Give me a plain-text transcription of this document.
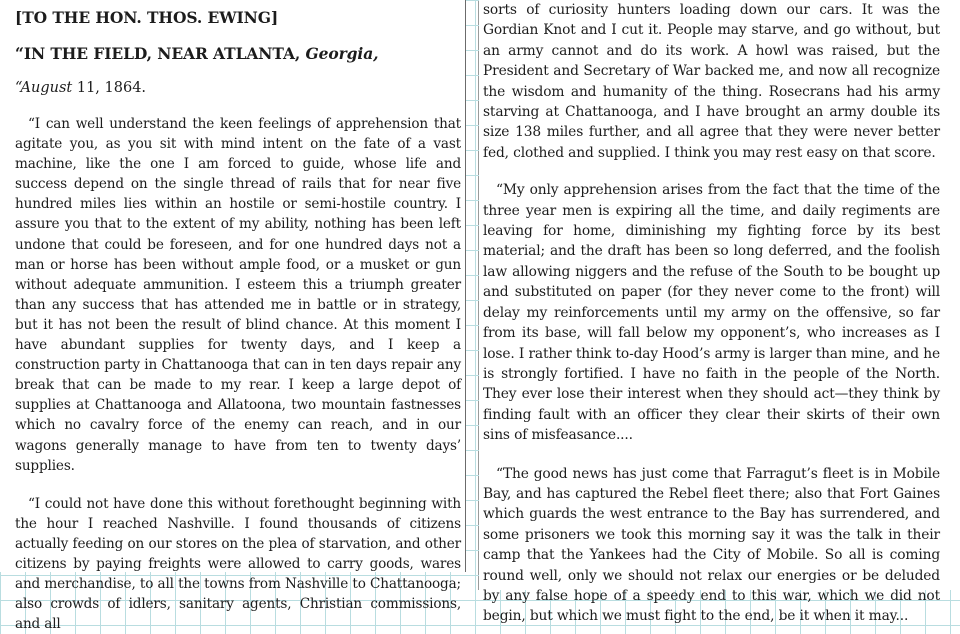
[TO THE HON. THOS. EWING]
“IN THE FIELD, NEAR ATLANTA, Georgia,
“August 11, 1864.

“I can well understand the keen feelings of apprehension that agitate you, as you sit with mind intent on the fate of a vast machine, like the one I am forced to guide, whose life and success depend on the single thread of rails that for near five hundred miles lies within an hostile or semi-hostile country. I assure you that to the extent of my ability, nothing has been left undone that could be foreseen, and for one hundred days not a man or horse has been without ample food, or a musket or gun without adequate ammunition. I esteem this a triumph greater than any success that has attended me in battle or in strategy, but it has not been the result of blind chance. At this moment I have abundant supplies for twenty days, and I keep a construction party in Chattanooga that can in ten days repair any break that can be made to my rear. I keep a large depot of supplies at Chattanooga and Allatoona, two mountain fastnesses which no cavalry force of the enemy can reach, and in our wagons generally manage to have from ten to twenty days’ supplies.

“I could not have done this without forethought beginning with the hour I reached Nashville. I found thousands of citizens actually feeding on our stores on the plea of starvation, and other citizens by paying freights were allowed to carry goods, wares and merchandise, to all the towns from Nashville to Chattanooga; also crowds of idlers, sanitary agents, Christian commissions, and all

sorts of curiosity hunters loading down our cars. It was the Gordian Knot and I cut it. People may starve, and go without, but an army cannot and do its work. A howl was raised, but the President and Secretary of War backed me, and now all recognize the wisdom and humanity of the thing. Rosecrans had his army starving at Chattanooga, and I have brought an army double its size 138 miles further, and all agree that they were never better fed, clothed and supplied. I think you may rest easy on that score.

“My only apprehension arises from the fact that the time of the three year men is expiring all the time, and daily regiments are leaving for home, diminishing my fighting force by its best material; and the draft has been so long deferred, and the foolish law allowing niggers and the refuse of the South to be bought up and substituted on paper (for they never come to the front) will delay my reinforcements until my army on the offensive, so far from its base, will fall below my opponent’s, who increases as I lose. I rather think to-day Hood’s army is larger than mine, and he is strongly fortified. I have no faith in the people of the North. They ever lose their interest when they should act—they think by finding fault with an officer they clear their skirts of their own sins of misfeasance....

“The good news has just come that Farragut’s fleet is in Mobile Bay, and has captured the Rebel fleet there; also that Fort Gaines which guards the west entrance to the Bay has surrendered, and some prisoners we took this morning say it was the talk in their camp that the Yankees had the City of Mobile. So all is coming round well, only we should not relax our energies or be deluded by any false hope of a speedy end to this war, which we did not begin, but which we must fight to the end, be it when it may...
